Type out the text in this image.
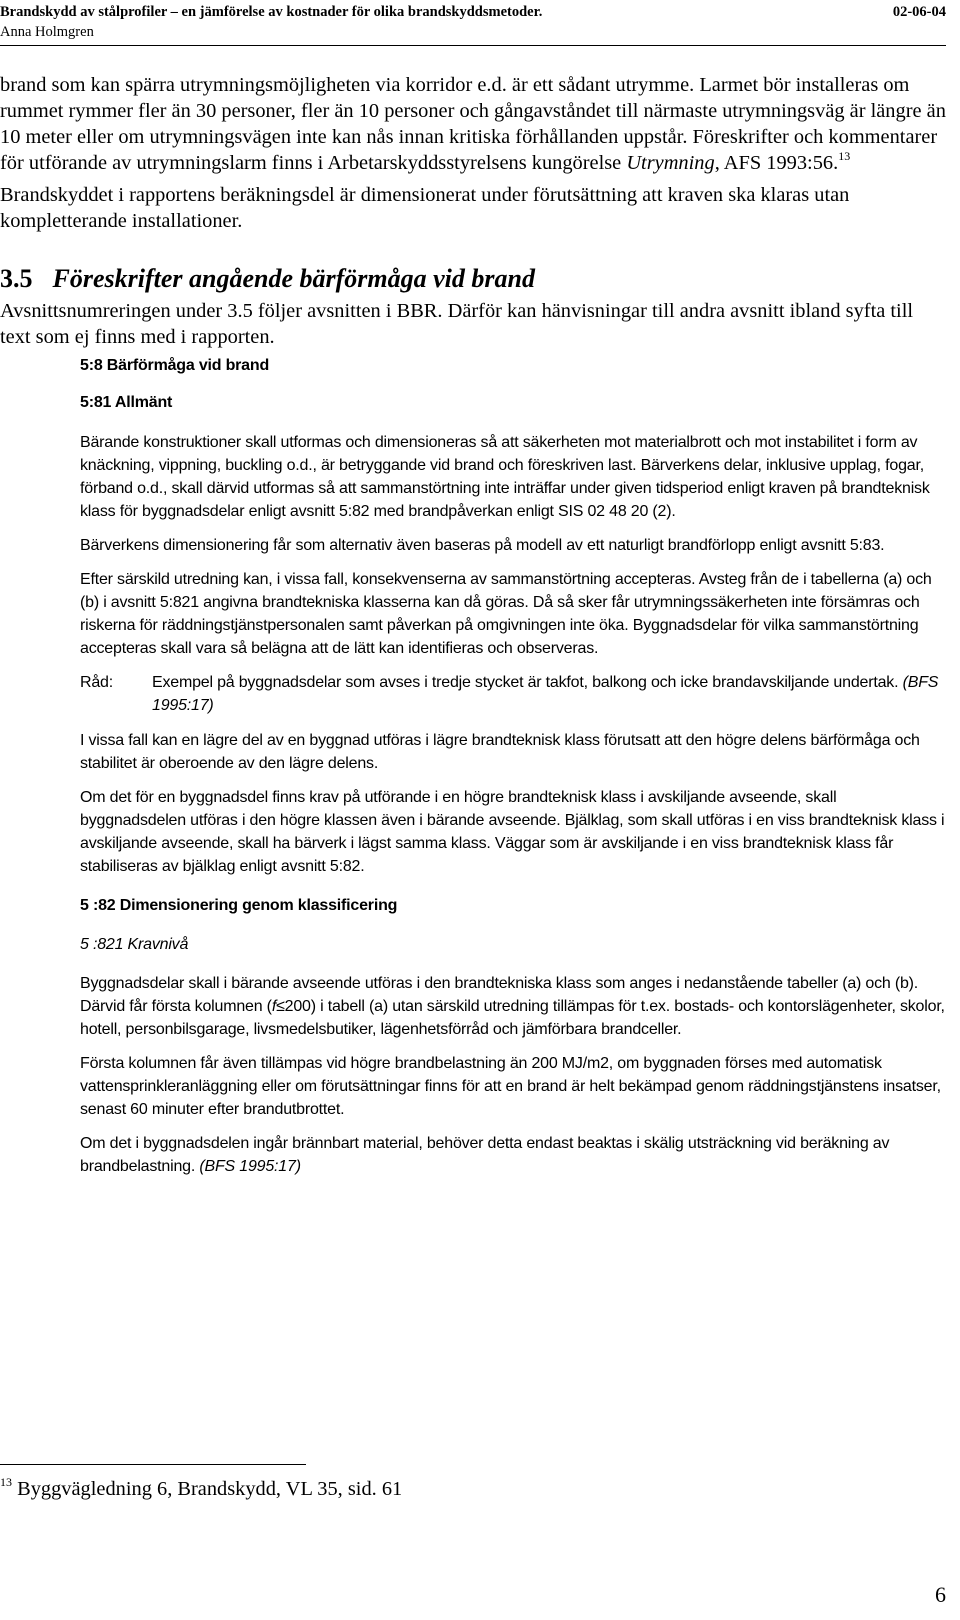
Brandskydd av stålprofiler – en jämförelse av kostnader för olika brandskyddsmetoder.	02-06-04
Anna Holmgren

brand som kan spärra utrymningsmöjligheten via korridor e.d. är ett sådant utrymme. Larmet bör installeras om rummet rymmer fler än 30 personer, fler än 10 personer och gångavståndet till närmaste utrymningsväg är längre än 10 meter eller om utrymningsvägen inte kan nås innan kritiska förhållanden uppstår. Föreskrifter och kommentarer för utförande av utrymningslarm finns i Arbetarskyddsstyrelsens kungörelse Utrymning, AFS 1993:56.13

Brandskyddet i rapportens beräkningsdel är dimensionerat under förutsättning att kraven ska klaras utan kompletterande installationer.

3.5 Föreskrifter angående bärförmåga vid brand

Avsnittsnumreringen under 3.5 följer avsnitten i BBR. Därför kan hänvisningar till andra avsnitt ibland syfta till text som ej finns med i rapporten.

5:8 Bärförmåga vid brand

5:81 Allmänt

Bärande konstruktioner skall utformas och dimensioneras så att säkerheten mot materialbrott och mot instabilitet i form av knäckning, vippning, buckling o.d., är betryggande vid brand och föreskriven last. Bärverkens delar, inklusive upplag, fogar, förband o.d., skall därvid utformas så att sammanstörtning inte inträffar under given tidsperiod enligt kraven på brandteknisk klass för byggnadsdelar enligt avsnitt 5:82 med brandpåverkan enligt SIS 02 48 20 (2).

Bärverkens dimensionering får som alternativ även baseras på modell av ett naturligt brandförlopp enligt avsnitt 5:83.

Efter särskild utredning kan, i vissa fall, konsekvenserna av sammanstörtning accepteras. Avsteg från de i tabellerna (a) och (b) i avsnitt 5:821 angivna brandtekniska klasserna kan då göras. Då så sker får utrymningssäkerheten inte försämras och riskerna för räddningstjänstpersonalen samt påverkan på omgivningen inte öka. Byggnadsdelar för vilka sammanstörtning accepteras skall vara så belägna att de lätt kan identifieras och observeras.

Råd:	Exempel på byggnadsdelar som avses i tredje stycket är takfot, balkong och icke brandavskiljande undertak. (BFS 1995:17)

I vissa fall kan en lägre del av en byggnad utföras i lägre brandteknisk klass förutsatt att den högre delens bärförmåga och stabilitet är oberoende av den lägre delens.

Om det för en byggnadsdel finns krav på utförande i en högre brandteknisk klass i avskiljande avseende, skall byggnadsdelen utföras i den högre klassen även i bärande avseende. Bjälklag, som skall utföras i en viss brandteknisk klass i avskiljande avseende, skall ha bärverk i lägst samma klass. Väggar som är avskiljande i en viss brandteknisk klass får stabiliseras av bjälklag enligt avsnitt 5:82.

5 :82 Dimensionering genom klassificering

5 :821 Kravnivå

Byggnadsdelar skall i bärande avseende utföras i den brandtekniska klass som anges i nedanstående tabeller (a) och (b). Därvid får första kolumnen (f≤200) i tabell (a) utan särskild utredning tillämpas för t.ex. bostads- och kontorslägenheter, skolor, hotell, personbilsgarage, livsmedelsbutiker, lägenhetsförråd och jämförbara brandceller.

Första kolumnen får även tillämpas vid högre brandbelastning än 200 MJ/m2, om byggnaden förses med automatisk vattensprinkleranläggning eller om förutsättningar finns för att en brand är helt bekämpad genom räddningstjänstens insatser, senast 60 minuter efter brandutbrottet.

Om det i byggnadsdelen ingår brännbart material, behöver detta endast beaktas i skälig utsträckning vid beräkning av brandbelastning. (BFS 1995:17)

$^{13}$ Byggvägledning 6, Brandskydd, VL 35, sid. 61
6
